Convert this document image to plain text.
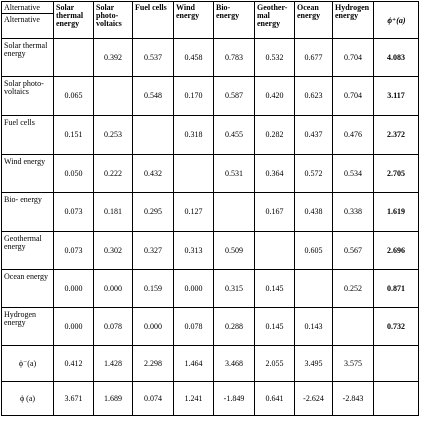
Alternative
Alternative	Solar thermal energy	Solar photo- voltaics	Fuel cells	Wind energy	Bio- energy	Geother- mal energy	Ocean energy	Hydrogen energy	ϕ⁺(a)
Solar thermal energy		0.392	0.537	0.458	0.783	0.532	0.677	0.704	4.083
Solar photo- voltaics	0.065		0.548	0.170	0.587	0.420	0.623	0.704	3.117
Fuel cells	0.151	0.253		0.318	0.455	0.282	0.437	0.476	2.372
Wind energy	0.050	0.222	0.432		0.531	0.364	0.572	0.534	2.705
Bio- energy	0.073	0.181	0.295	0.127		0.167	0.438	0.338	1.619
Geothermal energy	0.073	0.302	0.327	0.313	0.509		0.605	0.567	2.696
Ocean energy	0.000	0.000	0.159	0.000	0.315	0.145		0.252	0.871
Hydrogen energy	0.000	0.078	0.000	0.078	0.288	0.145	0.143		0.732
ϕ⁻(a)	0.412	1.428	2.298	1.464	3.468	2.055	3.495	3.575	
ϕ (a)	3.671	1.689	0.074	1.241	-1.849	0.641	-2.624	-2.843	
